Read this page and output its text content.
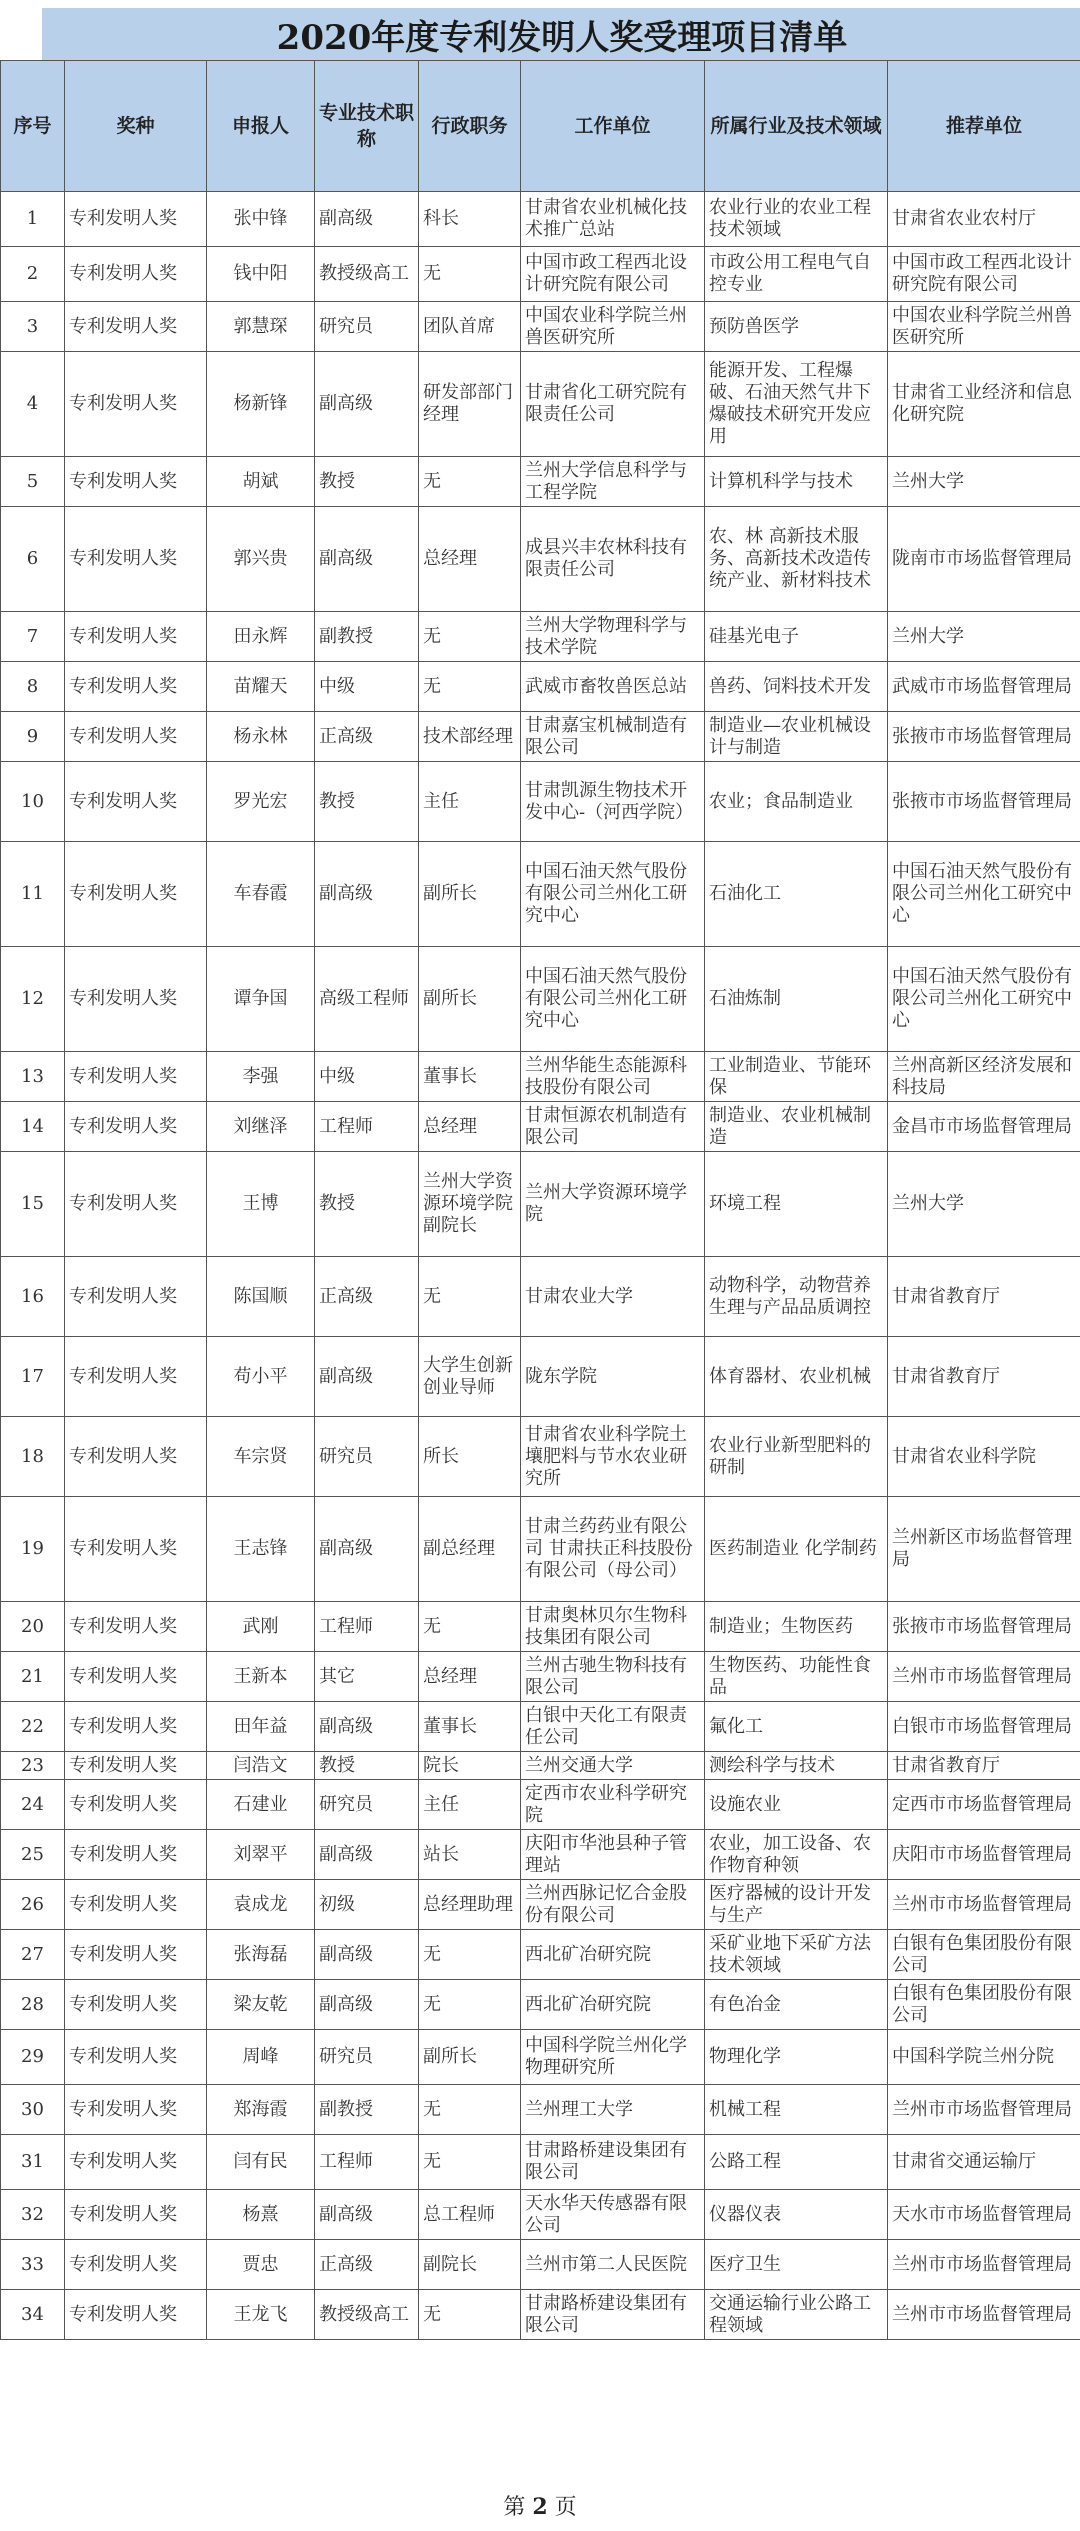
2020年度专利发明人奖受理项目清单
序号	奖种	申报人	专业技术职称	行政职务	工作单位	所属行业及技术领域	推荐单位
1	专利发明人奖	张中锋	副高级	科长	甘肃省农业机械化技术推广总站	农业行业的农业工程技术领域	甘肃省农业农村厅
2	专利发明人奖	钱中阳	教授级高工	无	中国市政工程西北设计研究院有限公司	市政公用工程电气自控专业	中国市政工程西北设计研究院有限公司
3	专利发明人奖	郭慧琛	研究员	团队首席	中国农业科学院兰州兽医研究所	预防兽医学	中国农业科学院兰州兽医研究所
4	专利发明人奖	杨新锋	副高级	研发部部门经理	甘肃省化工研究院有限责任公司	能源开发、工程爆破、石油天然气井下爆破技术研究开发应用	甘肃省工业经济和信息化研究院
5	专利发明人奖	胡斌	教授	无	兰州大学信息科学与工程学院	计算机科学与技术	兰州大学
6	专利发明人奖	郭兴贵	副高级	总经理	成县兴丰农林科技有限责任公司	农、林 高新技术服务、高新技术改造传统产业、新材料技术	陇南市市场监督管理局
7	专利发明人奖	田永辉	副教授	无	兰州大学物理科学与技术学院	硅基光电子	兰州大学
8	专利发明人奖	苗耀天	中级	无	武威市畜牧兽医总站	兽药、饲料技术开发	武威市市场监督管理局
9	专利发明人奖	杨永林	正高级	技术部经理	甘肃嘉宝机械制造有限公司	制造业—农业机械设计与制造	张掖市市场监督管理局
10	专利发明人奖	罗光宏	教授	主任	甘肃凯源生物技术开发中心-（河西学院）	农业；食品制造业	张掖市市场监督管理局
11	专利发明人奖	车春霞	副高级	副所长	中国石油天然气股份有限公司兰州化工研究中心	石油化工	中国石油天然气股份有限公司兰州化工研究中心
12	专利发明人奖	谭争国	高级工程师	副所长	中国石油天然气股份有限公司兰州化工研究中心	石油炼制	中国石油天然气股份有限公司兰州化工研究中心
13	专利发明人奖	李强	中级	董事长	兰州华能生态能源科技股份有限公司	工业制造业、节能环保	兰州高新区经济发展和科技局
14	专利发明人奖	刘继泽	工程师	总经理	甘肃恒源农机制造有限公司	制造业、农业机械制造	金昌市市场监督管理局
15	专利发明人奖	王博	教授	兰州大学资源环境学院副院长	兰州大学资源环境学院	环境工程	兰州大学
16	专利发明人奖	陈国顺	正高级	无	甘肃农业大学	动物科学，动物营养生理与产品品质调控	甘肃省教育厅
17	专利发明人奖	苟小平	副高级	大学生创新创业导师	陇东学院	体育器材、农业机械	甘肃省教育厅
18	专利发明人奖	车宗贤	研究员	所长	甘肃省农业科学院土壤肥料与节水农业研究所	农业行业新型肥料的研制	甘肃省农业科学院
19	专利发明人奖	王志锋	副高级	副总经理	甘肃兰药药业有限公司 甘肃扶正科技股份有限公司（母公司）	医药制造业 化学制药	兰州新区市场监督管理局
20	专利发明人奖	武刚	工程师	无	甘肃奥林贝尔生物科技集团有限公司	制造业；生物医药	张掖市市场监督管理局
21	专利发明人奖	王新本	其它	总经理	兰州古驰生物科技有限公司	生物医药、功能性食品	兰州市市场监督管理局
22	专利发明人奖	田年益	副高级	董事长	白银中天化工有限责任公司	氟化工	白银市市场监督管理局
23	专利发明人奖	闫浩文	教授	院长	兰州交通大学	测绘科学与技术	甘肃省教育厅
24	专利发明人奖	石建业	研究员	主任	定西市农业科学研究院	设施农业	定西市市场监督管理局
25	专利发明人奖	刘翠平	副高级	站长	庆阳市华池县种子管理站	农业，加工设备、农作物育种领	庆阳市市场监督管理局
26	专利发明人奖	袁成龙	初级	总经理助理	兰州西脉记忆合金股份有限公司	医疗器械的设计开发与生产	兰州市市场监督管理局
27	专利发明人奖	张海磊	副高级	无	西北矿冶研究院	采矿业地下采矿方法技术领域	白银有色集团股份有限公司
28	专利发明人奖	梁友乾	副高级	无	西北矿冶研究院	有色冶金	白银有色集团股份有限公司
29	专利发明人奖	周峰	研究员	副所长	中国科学院兰州化学物理研究所	物理化学	中国科学院兰州分院
30	专利发明人奖	郑海霞	副教授	无	兰州理工大学	机械工程	兰州市市场监督管理局
31	专利发明人奖	闫有民	工程师	无	甘肃路桥建设集团有限公司	公路工程	甘肃省交通运输厅
32	专利发明人奖	杨熹	副高级	总工程师	天水华天传感器有限公司	仪器仪表	天水市市场监督管理局
33	专利发明人奖	贾忠	正高级	副院长	兰州市第二人民医院	医疗卫生	兰州市市场监督管理局
34	专利发明人奖	王龙飞	教授级高工	无	甘肃路桥建设集团有限公司	交通运输行业公路工程领域	兰州市市场监督管理局
第 2 页
